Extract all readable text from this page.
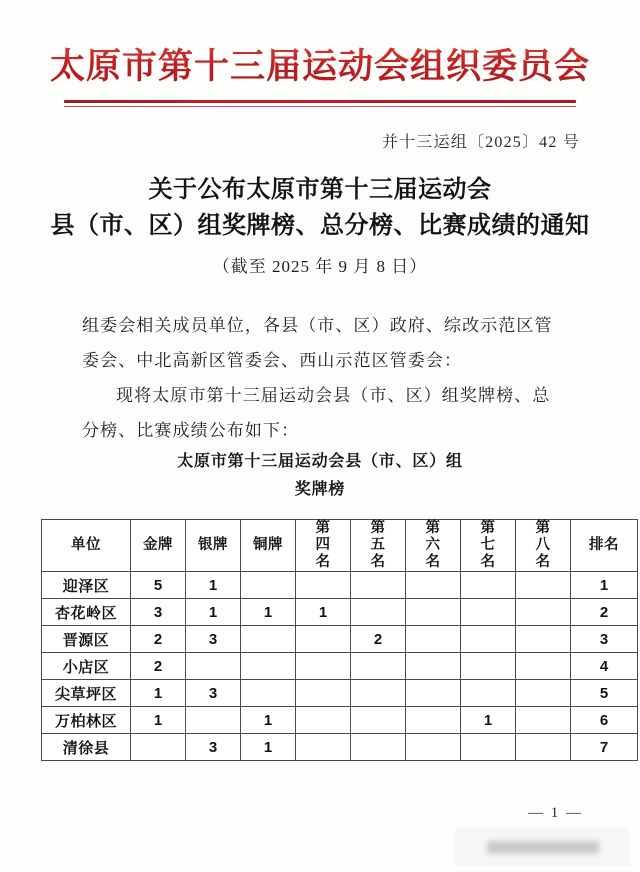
太原市第十三届运动会组织委员会
并十三运组〔2025〕42 号
关于公布太原市第十三届运动会
县（市、区）组奖牌榜、总分榜、比赛成绩的通知
（截至 2025 年 9 月 8 日）

组委会相关成员单位，各县（市、区）政府、综改示范区管委会、中北高新区管委会、西山示范区管委会：

现将太原市第十三届运动会县（市、区）组奖牌榜、总分榜、比赛成绩公布如下：

太原市第十三届运动会县（市、区）组
奖牌榜
单位	金牌	银牌	铜牌	第四名	第五名	第六名	第七名	第八名	排名
迎泽区	5	1							1
杏花岭区	3	1	1	1					2
晋源区	2	3			2				3
小店区	2								4
尖草坪区	1	3							5
万柏林区	1		1				1		6
清徐县		3	1						7
— 1 —
